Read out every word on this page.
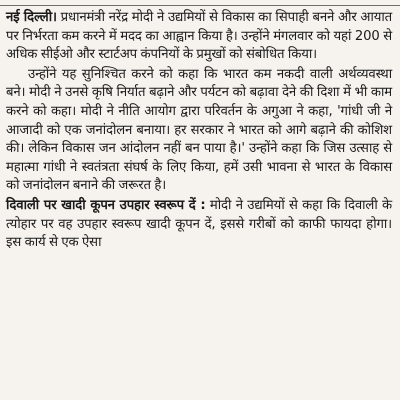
नई दिल्ली। प्रधानमंत्री नरेंद्र मोदी ने उद्यमियों से विकास का सिपाही बनने और आयात पर निर्भरता कम करने में मदद का आह्वान किया है। उन्होंने मंगलवार को यहां 200 से अधिक सीईओ और स्टार्टअप कंपनियों के प्रमुखों को संबोधित किया।

उन्होंने यह सुनिश्चित करने को कहा कि भारत कम नकदी वाली अर्थव्यवस्था बने। मोदी ने उनसे कृषि निर्यात बढ़ाने और पर्यटन को बढ़ावा देने की दिशा में भी काम करने को कहा। मोदी ने नीति आयोग द्वारा परिवर्तन के अगुआ ने कहा, 'गांधी जी ने आजादी को एक जनांदोलन बनाया। हर सरकार ने भारत को आगे बढ़ाने की कोशिश की। लेकिन विकास जन आंदोलन नहीं बन पाया है।' उन्होंने कहा कि जिस उत्साह से महात्मा गांधी ने स्वतंत्रता संघर्ष के लिए किया, हमें उसी भावना से भारत के विकास को जनांदोलन बनाने की जरूरत है।

दिवाली पर खादी कूपन उपहार स्वरूप दें : मोदी ने उद्यमियों से कहा कि दिवाली के त्योहार पर वह उपहार स्वरूप खादी कूपन दें, इससे गरीबों को काफी फायदा होगा। इस कार्य से एक ऐसा
